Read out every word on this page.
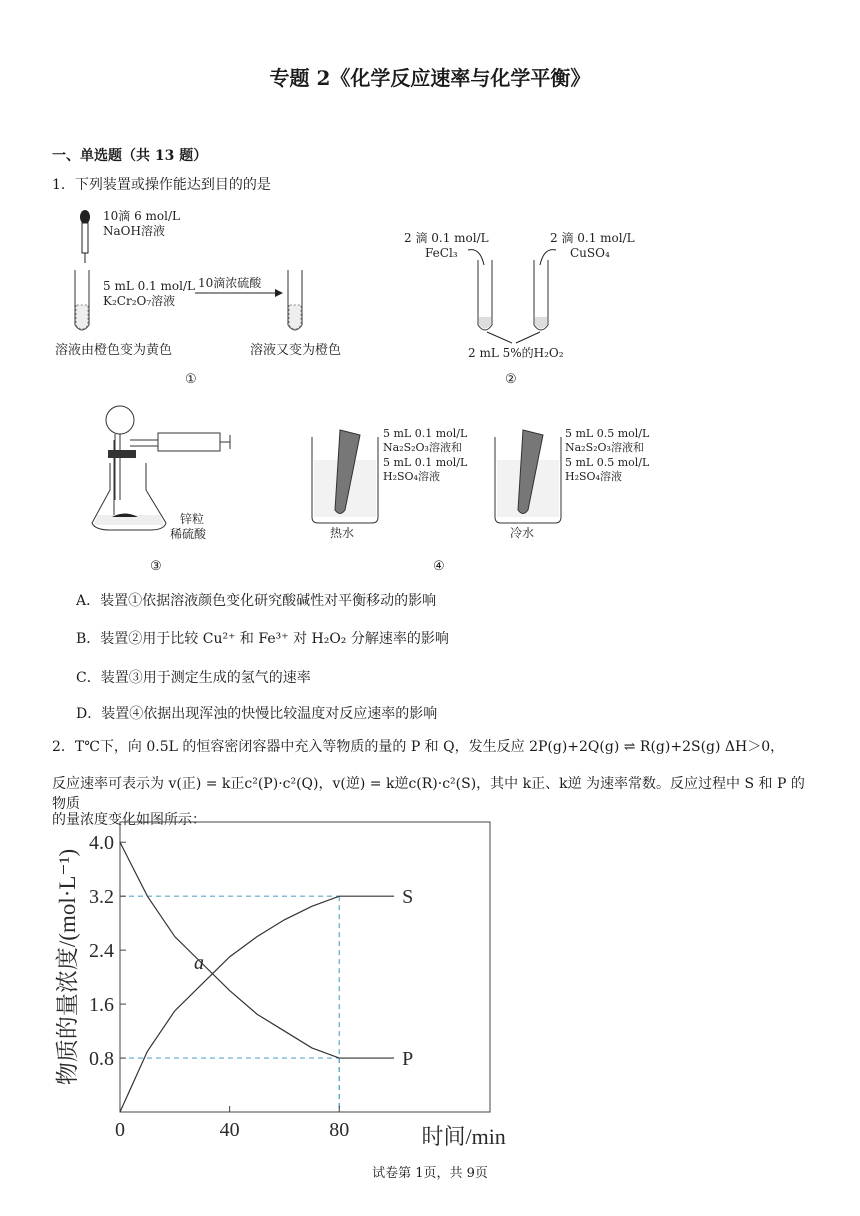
专题 2《化学反应速率与化学平衡》
一、单选题（共 13 题）
1．下列装置或操作能达到目的的是
10滴 6 mol/L
NaOH溶液
5 mL 0.1 mol/L
K₂Cr₂O₇溶液
10滴浓硫酸
溶液由橙色变为黄色	溶液又变为橙色
①
2 滴 0.1 mol/L
FeCl₃
2 滴 0.1 mol/L
CuSO₄
2 mL 5%的H₂O₂
②
锌粒
稀硫酸
③
5 mL 0.1 mol/L
Na₂S₂O₃溶液和
5 mL 0.1 mol/L
H₂SO₄溶液
5 mL 0.5 mol/L
Na₂S₂O₃溶液和
5 mL 0.5 mol/L
H₂SO₄溶液
热水	冷水
④
A．装置①依据溶液颜色变化研究酸碱性对平衡移动的影响
B．装置②用于比较 Cu²⁺ 和 Fe³⁺ 对 H₂O₂ 分解速率的影响
C．装置③用于测定生成的氢气的速率
D．装置④依据出现浑浊的快慢比较温度对反应速率的影响
2．T℃下，向 0.5L 的恒容密闭容器中充入等物质的量的 P 和 Q，发生反应 2P(g)+2Q(g) ⇌ R(g)+2S(g) ΔH＞0，
反应速率可表示为 v(正) = k正c²(P)·c²(Q)，v(逆) = k逆c(R)·c²(S)，其中 k正、k逆 为速率常数。反应过程中 S 和 P 的物质
的量浓度变化如图所示：
0.8
1.6
2.4
3.2
4.0
0	40	80
S
P
a
时间/min
物质的量浓度/(mol·L⁻¹)
试卷第 1页，共 9页
